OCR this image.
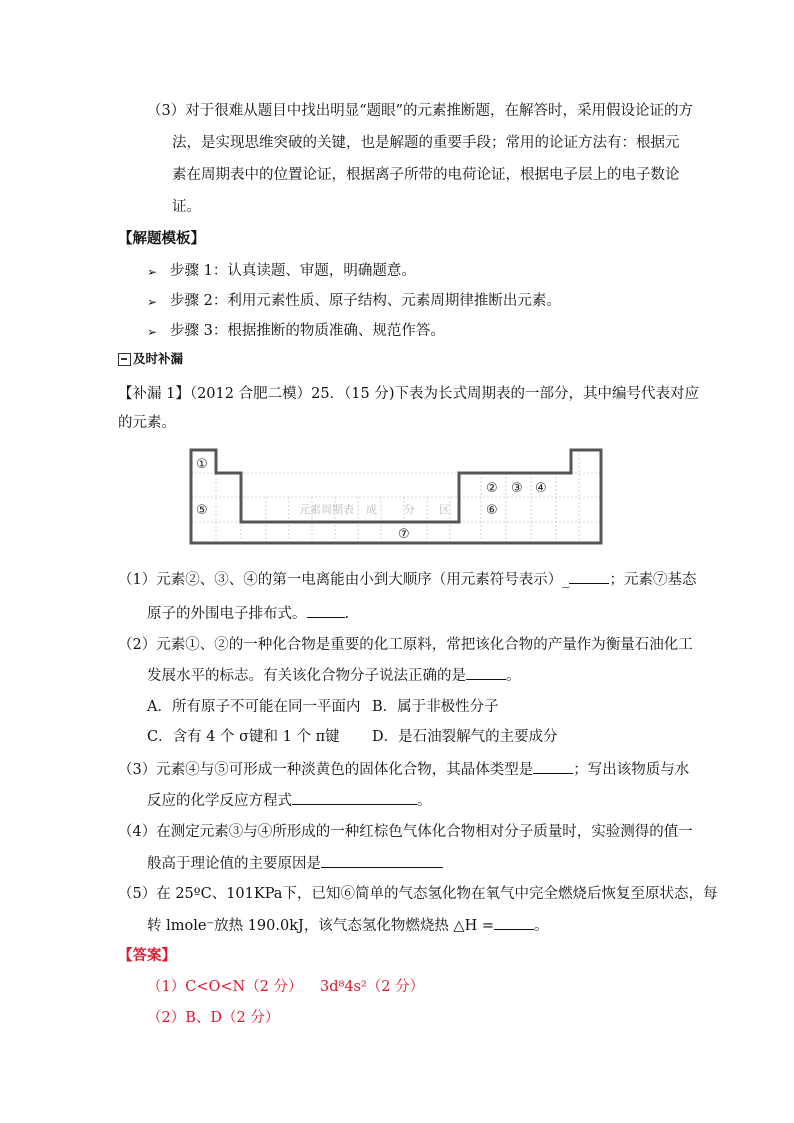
（3）对于很难从题目中找出明显“题眼”的元素推断题，在解答时，采用假设论证的方
法，是实现思维突破的关键，也是解题的重要手段；常用的论证方法有：根据元
素在周期表中的位置论证，根据离子所带的电荷论证，根据电子层上的电子数论
证。
【解题模板】
➢ 步骤 1：认真读题、审题，明确题意。
➢ 步骤 2：利用元素性质、原子结构、元素周期律推断出元素。
➢ 步骤 3：根据推断的物质准确、规范作答。
及时补漏
【补漏 1】（2012 合肥二模）25．（15 分)下表为长式周期表的一部分，其中编号代表对应
的元素。
元素周期表 成 分 区
①
② ③ ④
⑤	⑥
⑦
（1）元素②、③、④的第一电离能由小到大顺序（用元素符号表示）_	；元素⑦基态
原子的外围电子排布式。	.
（2）元素①、②的一种化合物是重要的化工原料，常把该化合物的产量作为衡量石油化工
发展水平的标志。有关该化合物分子说法正确的是	。
A．所有原子不可能在同一平面内 B．属于非极性分子
C．含有 4 个 σ键和 1 个 π键 D．是石油裂解气的主要成分
（3）元素④与⑤可形成一种淡黄色的固体化合物，其晶体类型是	；写出该物质与水
反应的化学反应方程式	。
（4）在测定元素③与④所形成的一种红棕色气体化合物相对分子质量时，实验测得的值一
般高于理论值的主要原因是
（5）在 25ºC、101KPa下，已知⑥简单的气态氢化物在氧气中完全燃烧后恢复至原状态，每
转 lmole⁻放热 190.0kJ，该气态氢化物燃烧热 △H =	。
【答案】
（1）C<O<N（2 分） 3d⁸4s²（2 分）
（2）B、D（2 分）
